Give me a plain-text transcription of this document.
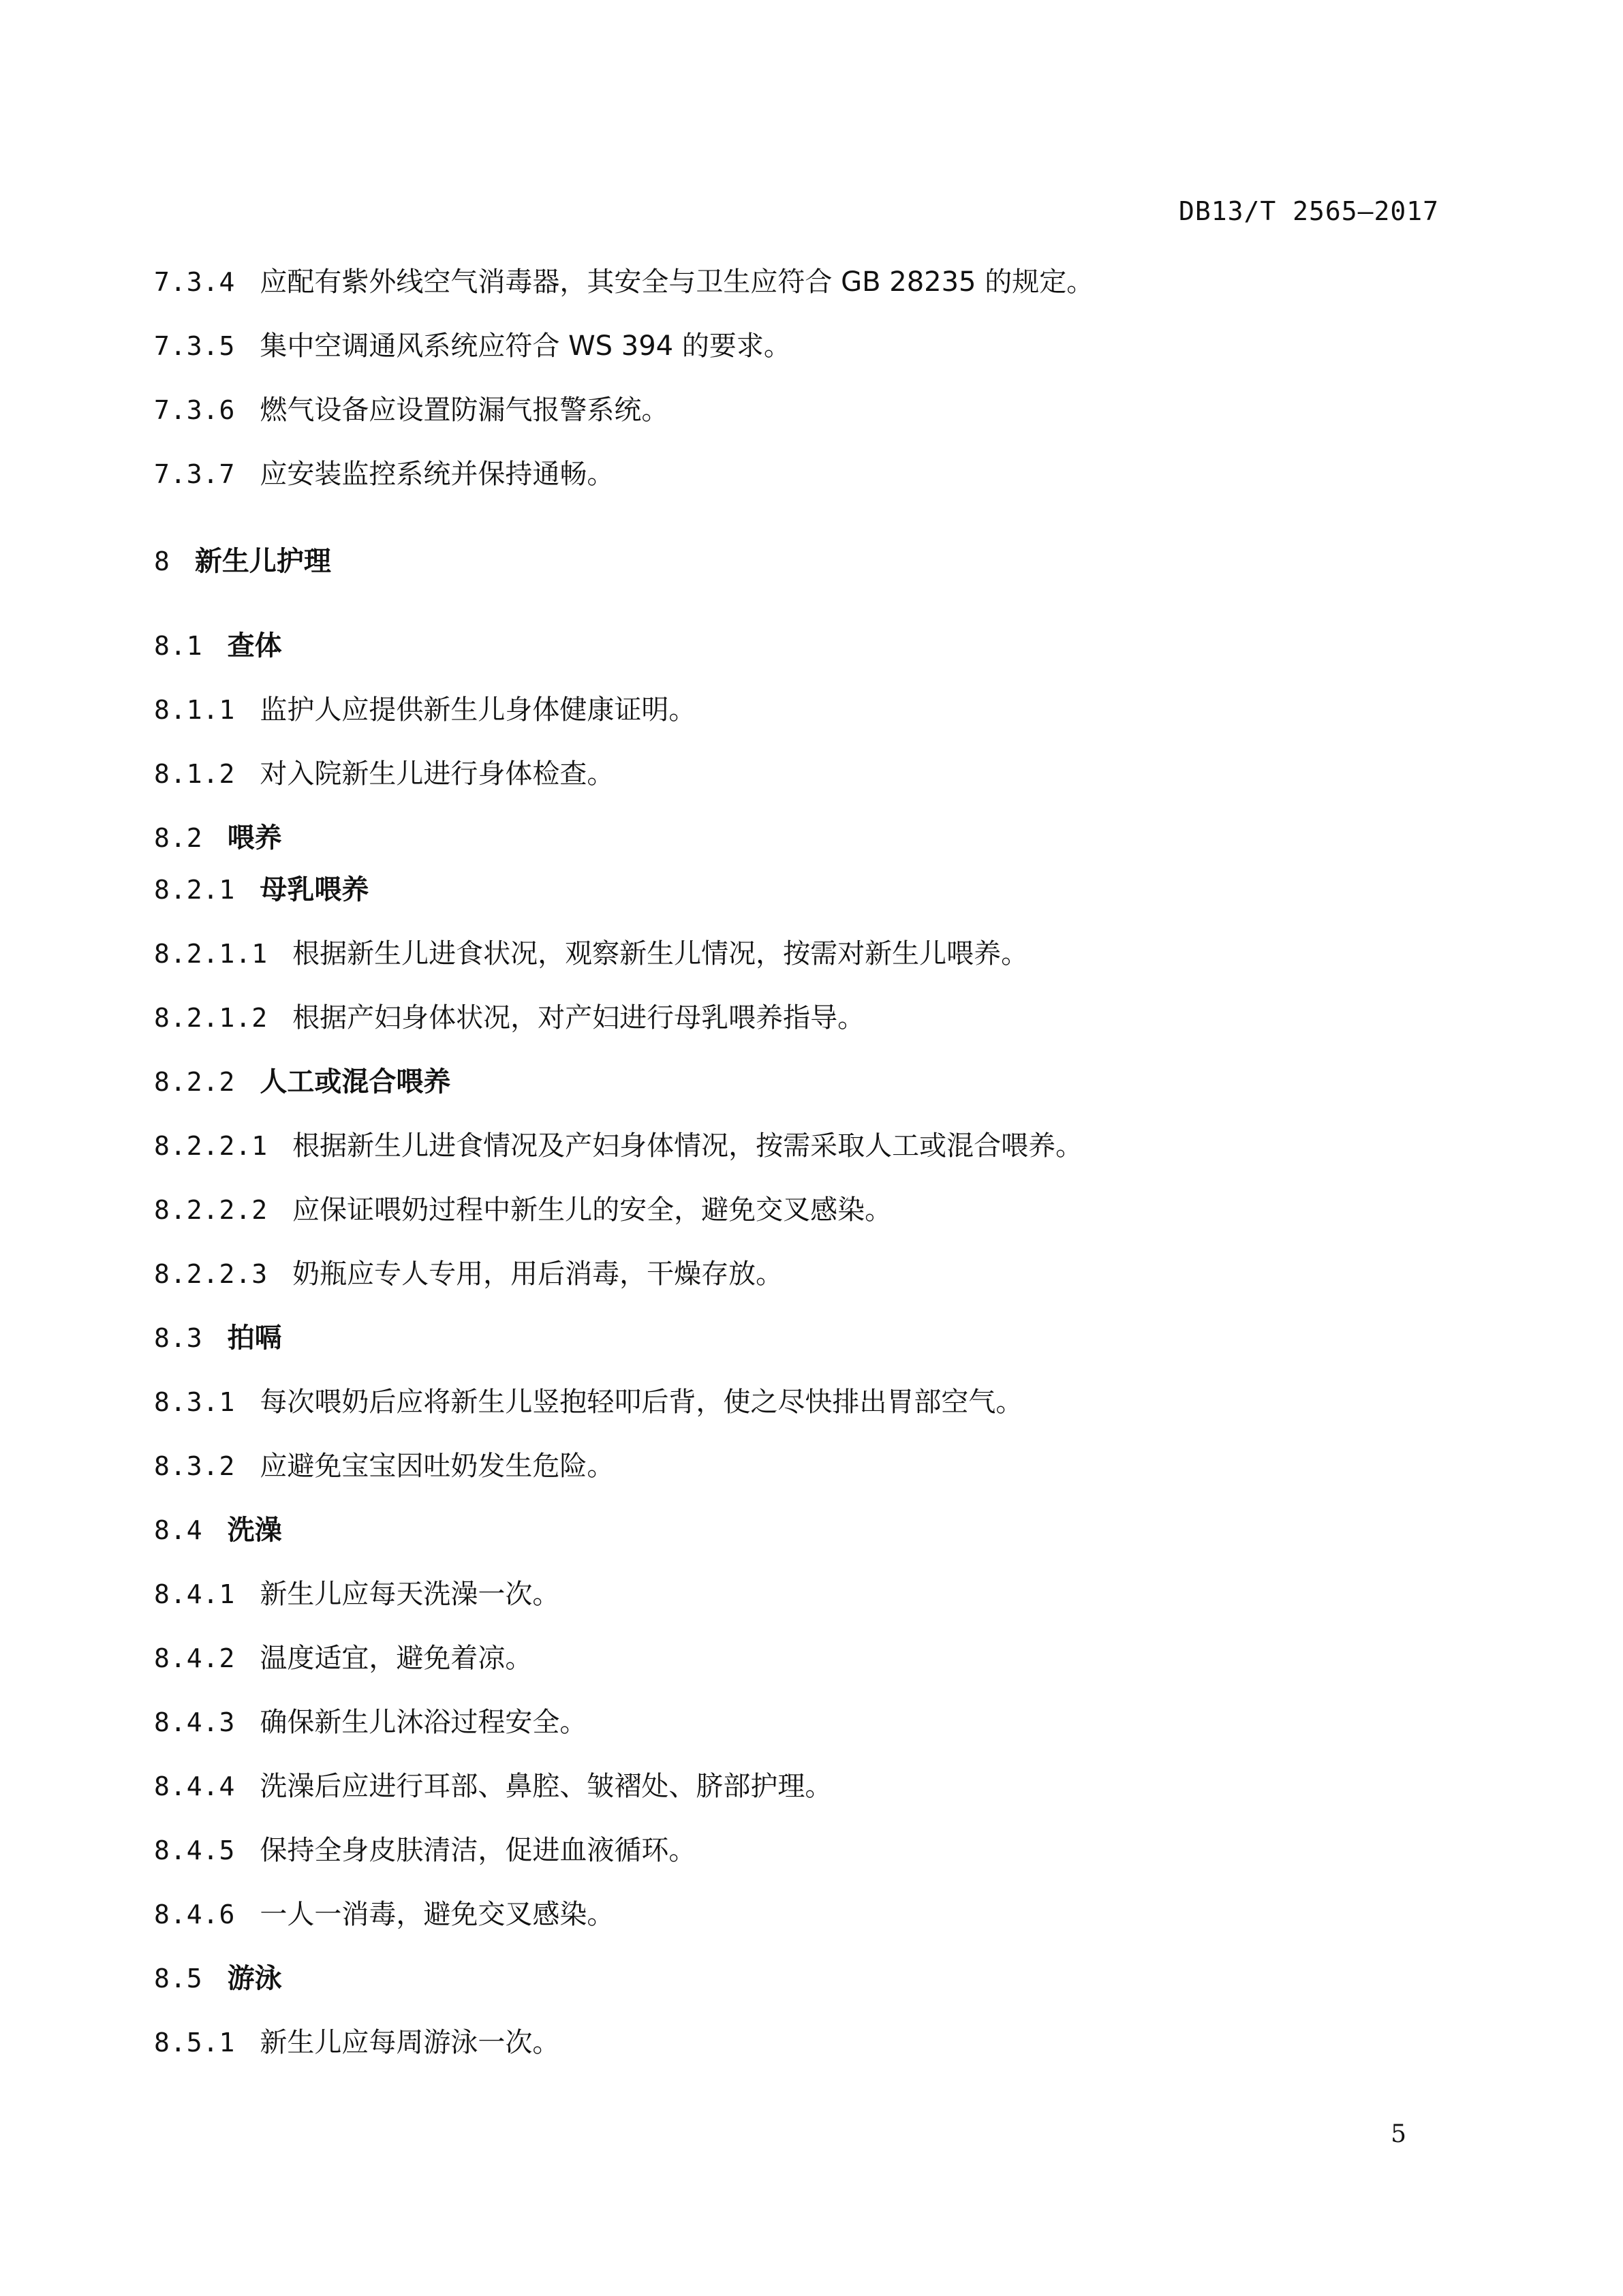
DB13/T 2565—2017
7.3.4 应配有紫外线空气消毒器，其安全与卫生应符合 GB 28235 的规定。
7.3.5 集中空调通风系统应符合 WS 394 的要求。
7.3.6 燃气设备应设置防漏气报警系统。
7.3.7 应安装监控系统并保持通畅。
8 新生儿护理
8.1 查体
8.1.1 监护人应提供新生儿身体健康证明。
8.1.2 对入院新生儿进行身体检查。
8.2 喂养
8.2.1 母乳喂养
8.2.1.1 根据新生儿进食状况，观察新生儿情况，按需对新生儿喂养。
8.2.1.2 根据产妇身体状况，对产妇进行母乳喂养指导。
8.2.2 人工或混合喂养
8.2.2.1 根据新生儿进食情况及产妇身体情况，按需采取人工或混合喂养。
8.2.2.2 应保证喂奶过程中新生儿的安全，避免交叉感染。
8.2.2.3 奶瓶应专人专用，用后消毒，干燥存放。
8.3 拍嗝
8.3.1 每次喂奶后应将新生儿竖抱轻叩后背，使之尽快排出胃部空气。
8.3.2 应避免宝宝因吐奶发生危险。
8.4 洗澡
8.4.1 新生儿应每天洗澡一次。
8.4.2 温度适宜，避免着凉。
8.4.3 确保新生儿沐浴过程安全。
8.4.4 洗澡后应进行耳部、鼻腔、皱褶处、脐部护理。
8.4.5 保持全身皮肤清洁，促进血液循环。
8.4.6 一人一消毒，避免交叉感染。
8.5 游泳
8.5.1 新生儿应每周游泳一次。
5
